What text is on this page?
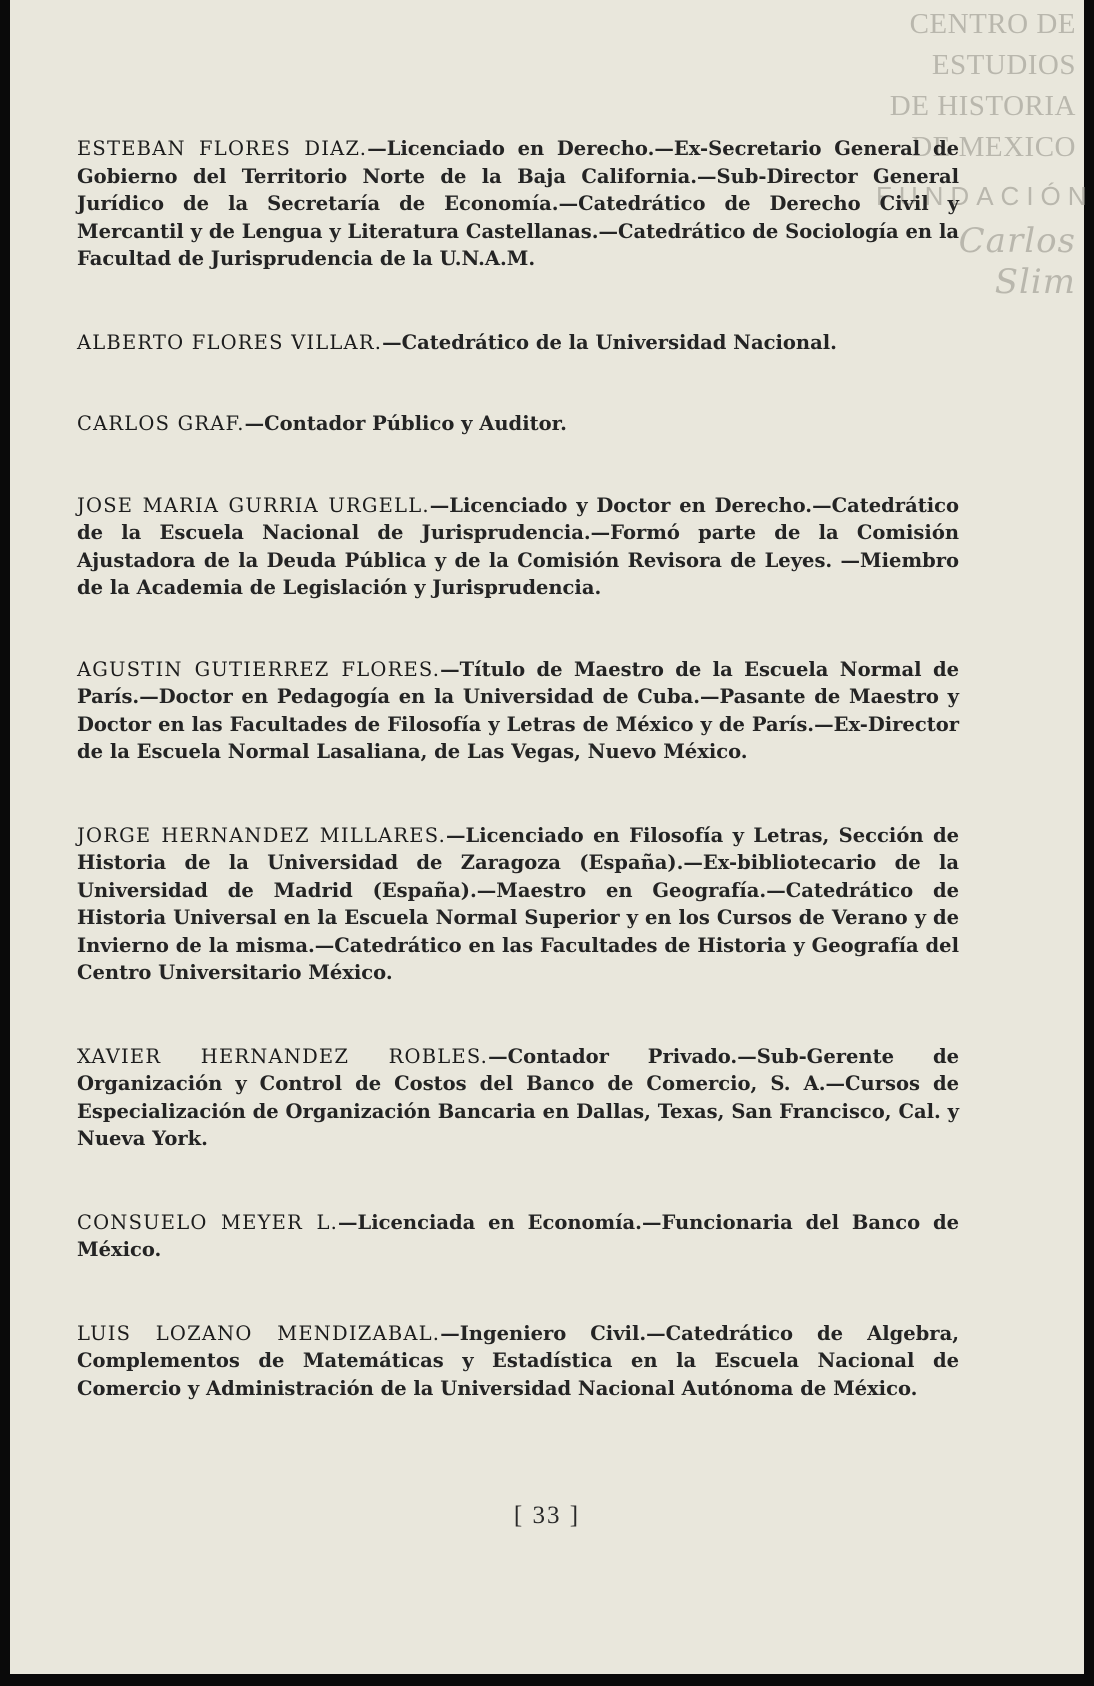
CENTRO DE
ESTUDIOS
DE HISTORIA
DE MEXICO
FUNDACIÓN
Carlos Slim

ESTEBAN FLORES DIAZ.—Licenciado en Derecho.—Ex-Secretario General de Gobierno del Territorio Norte de la Baja California.—Sub-Director General Jurídico de la Secretaría de Economía.—Catedrático de Derecho Civil y Mercantil y de Lengua y Literatura Castellanas.—Catedrático de Sociología en la Facultad de Jurisprudencia de la U.N.A.M.

ALBERTO FLORES VILLAR.—Catedrático de la Universidad Nacional.

CARLOS GRAF.—Contador Público y Auditor.

JOSE MARIA GURRIA URGELL.—Licenciado y Doctor en Derecho.—Catedrático de la Escuela Nacional de Jurisprudencia.—Formó parte de la Comisión Ajustadora de la Deuda Pública y de la Comisión Revisora de Leyes. —Miembro de la Academia de Legislación y Jurisprudencia.

AGUSTIN GUTIERREZ FLORES.—Título de Maestro de la Escuela Normal de París.—Doctor en Pedagogía en la Universidad de Cuba.—Pasante de Maestro y Doctor en las Facultades de Filosofía y Letras de México y de París.—Ex-Director de la Escuela Normal Lasaliana, de Las Vegas, Nuevo México.

JORGE HERNANDEZ MILLARES.—Licenciado en Filosofía y Letras, Sección de Historia de la Universidad de Zaragoza (España).—Ex-bibliotecario de la Universidad de Madrid (España).—Maestro en Geografía.—Catedrático de Historia Universal en la Escuela Normal Superior y en los Cursos de Verano y de Invierno de la misma.—Catedrático en las Facultades de Historia y Geografía del Centro Universitario México.

XAVIER HERNANDEZ ROBLES.—Contador Privado.—Sub-Gerente de Organización y Control de Costos del Banco de Comercio, S. A.—Cursos de Especialización de Organización Bancaria en Dallas, Texas, San Francisco, Cal. y Nueva York.

CONSUELO MEYER L.—Licenciada en Economía.—Funcionaria del Banco de México.

LUIS LOZANO MENDIZABAL.—Ingeniero Civil.—Catedrático de Algebra, Complementos de Matemáticas y Estadística en la Escuela Nacional de Comercio y Administración de la Universidad Nacional Autónoma de México.

[ 33 ]
